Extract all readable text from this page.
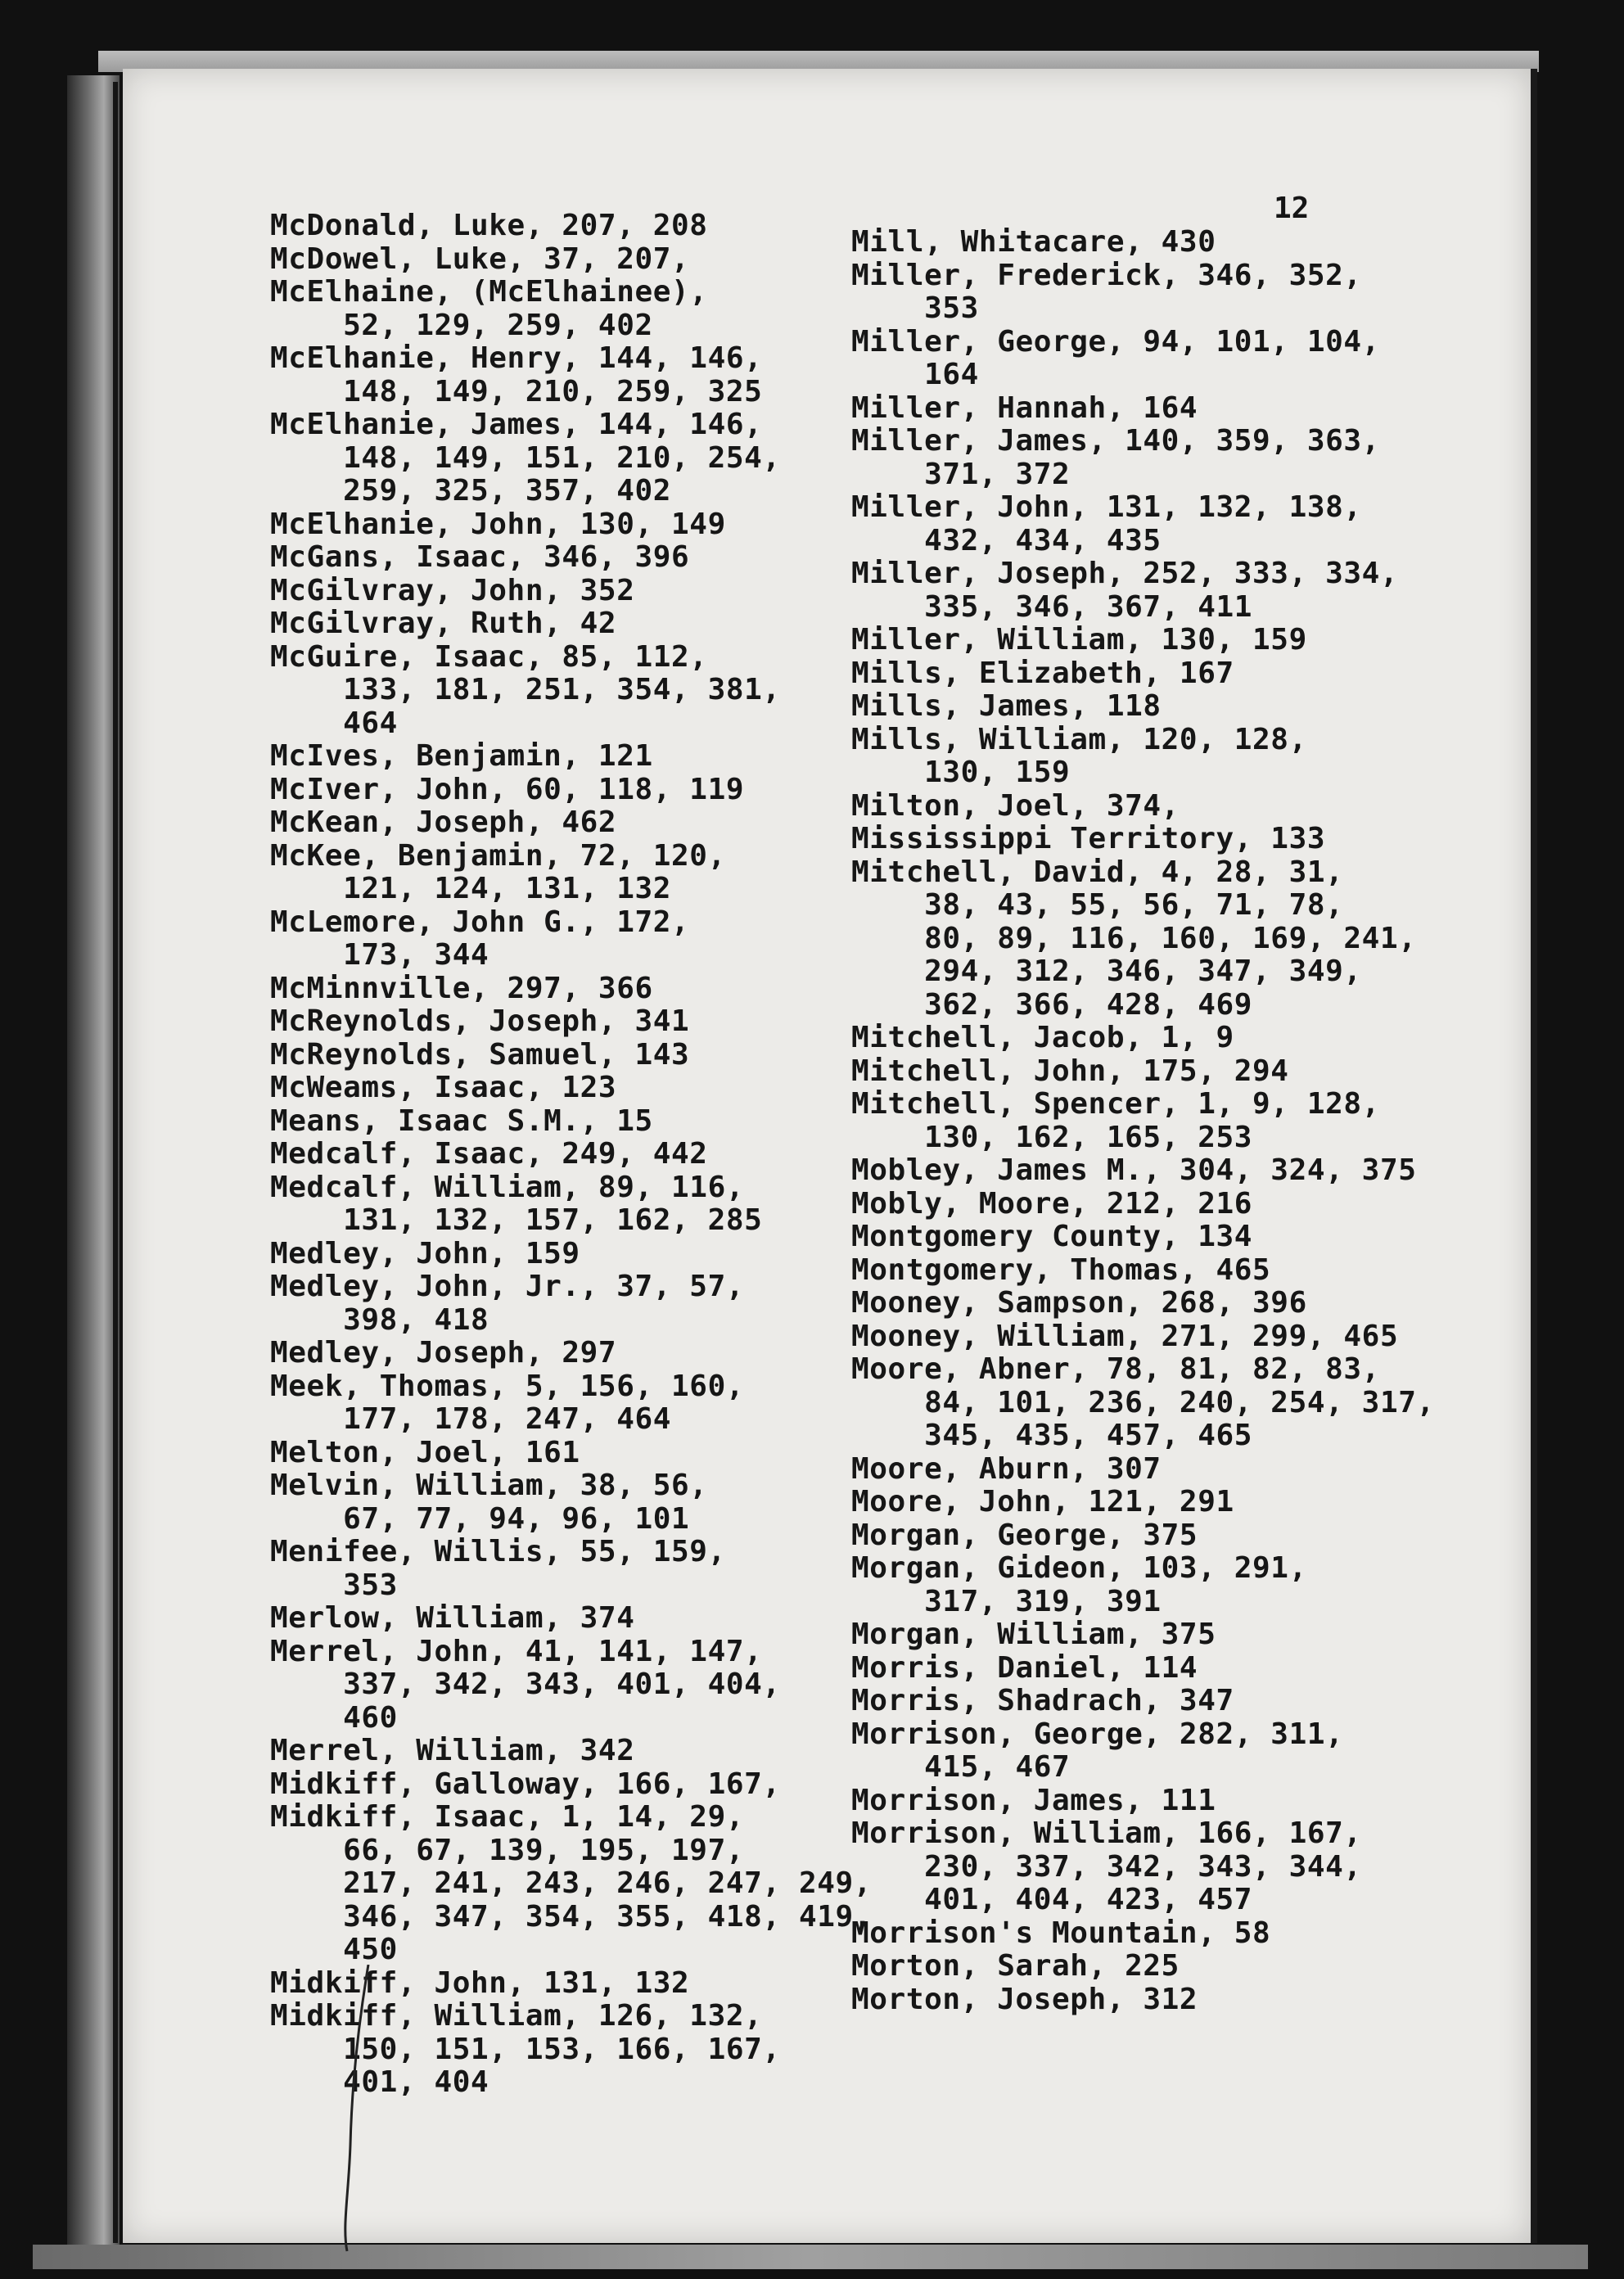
12
McDonald, Luke, 207, 208
McDowel, Luke, 37, 207,
McElhaine, (McElhainee),
52, 129, 259, 402
McElhanie, Henry, 144, 146,
148, 149, 210, 259, 325
McElhanie, James, 144, 146,
148, 149, 151, 210, 254,
259, 325, 357, 402
McElhanie, John, 130, 149
McGans, Isaac, 346, 396
McGilvray, John, 352
McGilvray, Ruth, 42
McGuire, Isaac, 85, 112,
133, 181, 251, 354, 381,
464
McIves, Benjamin, 121
McIver, John, 60, 118, 119
McKean, Joseph, 462
McKee, Benjamin, 72, 120,
121, 124, 131, 132
McLemore, John G., 172,
173, 344
McMinnville, 297, 366
McReynolds, Joseph, 341
McReynolds, Samuel, 143
McWeams, Isaac, 123
Means, Isaac S.M., 15
Medcalf, Isaac, 249, 442
Medcalf, William, 89, 116,
131, 132, 157, 162, 285
Medley, John, 159
Medley, John, Jr., 37, 57,
398, 418
Medley, Joseph, 297
Meek, Thomas, 5, 156, 160,
177, 178, 247, 464
Melton, Joel, 161
Melvin, William, 38, 56,
67, 77, 94, 96, 101
Menifee, Willis, 55, 159,
353
Merlow, William, 374
Merrel, John, 41, 141, 147,
337, 342, 343, 401, 404,
460
Merrel, William, 342
Midkiff, Galloway, 166, 167,
Midkiff, Isaac, 1, 14, 29,
66, 67, 139, 195, 197,
217, 241, 243, 246, 247, 249,
346, 347, 354, 355, 418, 419,
450
Midkiff, John, 131, 132
Midkiff, William, 126, 132,
150, 151, 153, 166, 167,
401, 404
Mill, Whitacare, 430
Miller, Frederick, 346, 352,
353
Miller, George, 94, 101, 104,
164
Miller, Hannah, 164
Miller, James, 140, 359, 363,
371, 372
Miller, John, 131, 132, 138,
432, 434, 435
Miller, Joseph, 252, 333, 334,
335, 346, 367, 411
Miller, William, 130, 159
Mills, Elizabeth, 167
Mills, James, 118
Mills, William, 120, 128,
130, 159
Milton, Joel, 374,
Mississippi Territory, 133
Mitchell, David, 4, 28, 31,
38, 43, 55, 56, 71, 78,
80, 89, 116, 160, 169, 241,
294, 312, 346, 347, 349,
362, 366, 428, 469
Mitchell, Jacob, 1, 9
Mitchell, John, 175, 294
Mitchell, Spencer, 1, 9, 128,
130, 162, 165, 253
Mobley, James M., 304, 324, 375
Mobly, Moore, 212, 216
Montgomery County, 134
Montgomery, Thomas, 465
Mooney, Sampson, 268, 396
Mooney, William, 271, 299, 465
Moore, Abner, 78, 81, 82, 83,
84, 101, 236, 240, 254, 317,
345, 435, 457, 465
Moore, Aburn, 307
Moore, John, 121, 291
Morgan, George, 375
Morgan, Gideon, 103, 291,
317, 319, 391
Morgan, William, 375
Morris, Daniel, 114
Morris, Shadrach, 347
Morrison, George, 282, 311,
415, 467
Morrison, James, 111
Morrison, William, 166, 167,
230, 337, 342, 343, 344,
401, 404, 423, 457
Morrison's Mountain, 58
Morton, Sarah, 225
Morton, Joseph, 312
